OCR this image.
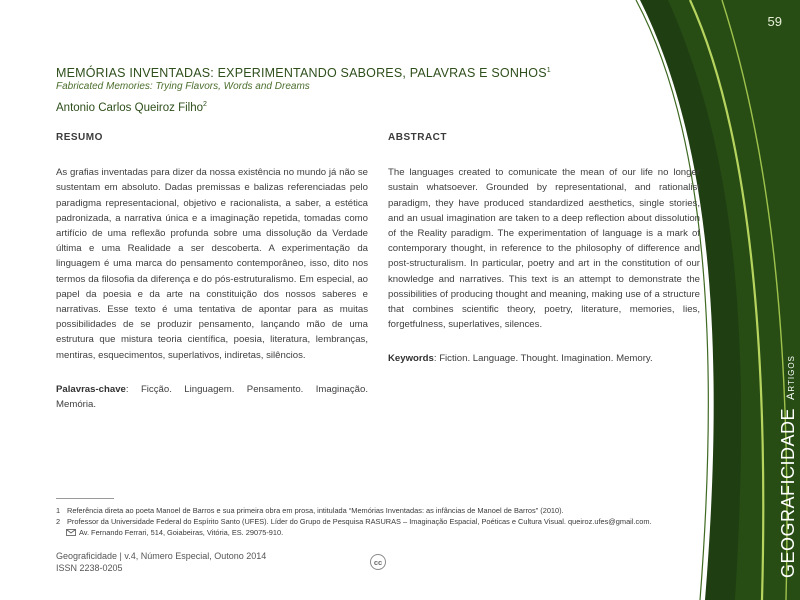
59

MEMÓRIAS INVENTADAS: EXPERIMENTANDO SABORES, PALAVRAS E SONHOS$^1$

Fabricated Memories: Trying Flavors, Words and Dreams

Antonio Carlos Queiroz Filho$^2$

RESUMO

As grafias inventadas para dizer da nossa existência no mundo já não se sustentam em absoluto. Dadas premissas e balizas referenciadas pelo paradigma representacional, objetivo e racionalista, a saber, a estética padronizada, a narrativa única e a imaginação repetida, tomadas como artifício de uma reflexão profunda sobre uma dissolução da Verdade última e uma Realidade a ser descoberta. A experimentação da linguagem é uma marca do pensamento contemporâneo, isso, dito nos termos da filosofia da diferença e do pós-estruturalismo. Em especial, ao papel da poesia e da arte na constituição dos nossos saberes e narrativas. Esse texto é uma tentativa de apontar para as muitas possibilidades de se produzir pensamento, lançando mão de uma estrutura que mistura teoria científica, poesia, literatura, lembranças, mentiras, esquecimentos, superlativos, indiretas, silêncios.

Palavras-chave: Ficção. Linguagem. Pensamento. Imaginação. Memória.

ABSTRACT

The languages created to comunicate the mean of our life no longer sustain whatsoever. Grounded by representational, and rationalist paradigm, they have produced standardized aesthetics, single stories, and an usual imagination are taken to a deep reflection about dissolution of the Reality paradigm. The experimentation of language is a mark of contemporary thought, in reference to the philosophy of difference and post-structuralism. In particular, poetry and art in the constitution of our knowledge and narratives. This text is an attempt to demonstrate the possibilities of producing thought and meaning, making use of a structure that combines scientific theory, poetry, literature, memories, lies, forgetfulness, superlatives, silences.

Keywords: Fiction. Language. Thought. Imagination. Memory.

1 Referência direta ao poeta Manoel de Barros e sua primeira obra em prosa, intitulada “Memórias Inventadas: as infâncias de Manoel de Barros” (2010).
2 Professor da Universidade Federal do Espírito Santo (UFES). Líder do Grupo de Pesquisa RASURAS – Imaginação Espacial, Poéticas e Cultura Visual. queiroz.ufes@gmail.com.
Av. Fernando Ferrari, 514, Goiabeiras, Vitória, ES. 29075-910.
Geograficidade | v.4, Número Especial, Outono 2014
ISSN 2238-0205
cc	GEOGRAFICIDADEArtigos
